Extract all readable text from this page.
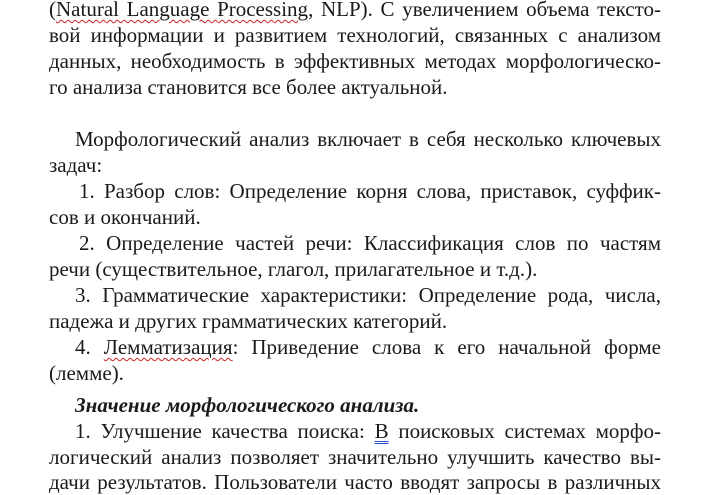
(Natural Language Processing, NLP). С увеличением объема тексто-
вой информации и развитием технологий, связанных с анализом
данных, необходимость в эффективных методах морфологическо-
го анализа становится все более актуальной.
Морфологический анализ включает в себя несколько ключевых
задач:
1. Разбор слов: Определение корня слова, приставок, суффик-
сов и окончаний.
2. Определение частей речи: Классификация слов по частям
речи (существительное, глагол, прилагательное и т.д.).
3. Грамматические характеристики: Определение рода, числа,
падежа и других грамматических категорий.
4. Лемматизация: Приведение слова к его начальной форме
(лемме).
Значение морфологического анализа.
1. Улучшение качества поиска: В поисковых системах морфо-
логический анализ позволяет значительно улучшить качество вы-
дачи результатов. Пользователи часто вводят запросы в различных
